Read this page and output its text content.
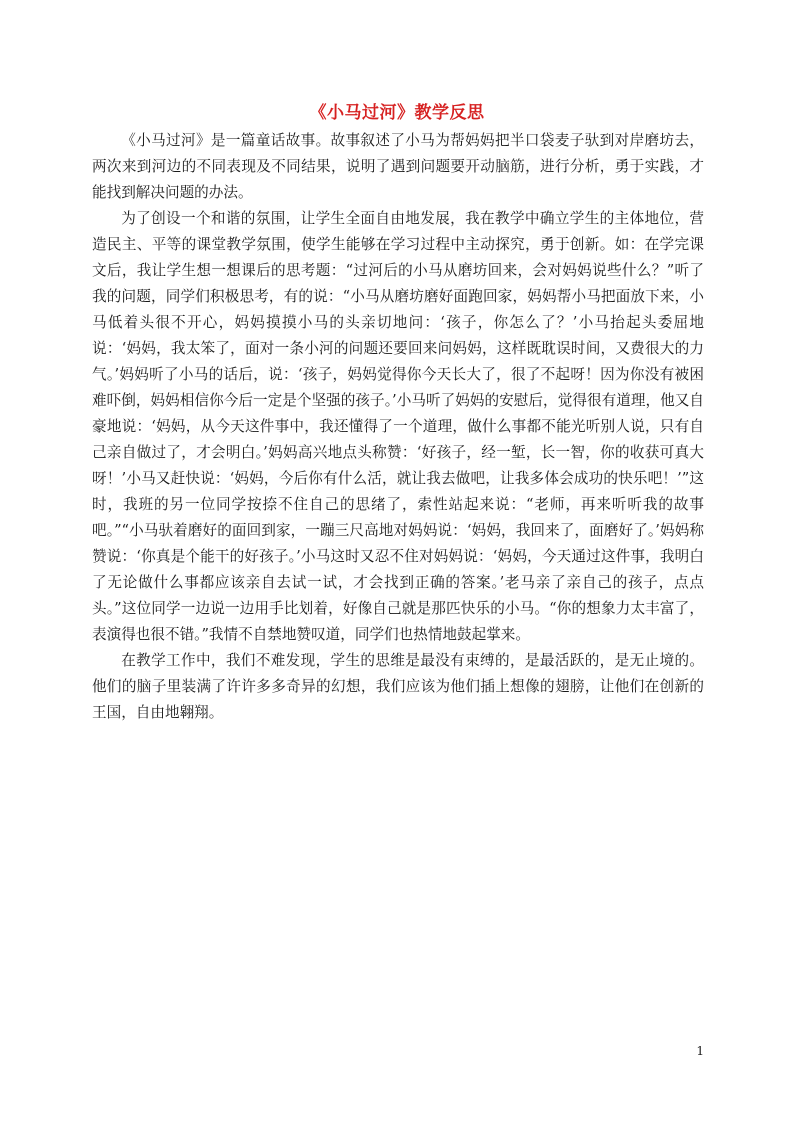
《小马过河》教学反思

《小马过河》是一篇童话故事。故事叙述了小马为帮妈妈把半口袋麦子驮到对岸磨坊去，两次来到河边的不同表现及不同结果，说明了遇到问题要开动脑筋，进行分析，勇于实践，才能找到解决问题的办法。

为了创设一个和谐的氛围，让学生全面自由地发展，我在教学中确立学生的主体地位，营造民主、平等的课堂教学氛围，使学生能够在学习过程中主动探究，勇于创新。如：在学完课文后，我让学生想一想课后的思考题：“过河后的小马从磨坊回来，会对妈妈说些什么？”听了我的问题，同学们积极思考，有的说：“小马从磨坊磨好面跑回家，妈妈帮小马把面放下来，小马低着头很不开心，妈妈摸摸小马的头亲切地问：‘孩子，你怎么了？’小马抬起头委屈地说：‘妈妈，我太笨了，面对一条小河的问题还要回来问妈妈，这样既耽误时间，又费很大的力气。’妈妈听了小马的话后，说：‘孩子，妈妈觉得你今天长大了，很了不起呀！因为你没有被困难吓倒，妈妈相信你今后一定是个坚强的孩子。’小马听了妈妈的安慰后，觉得很有道理，他又自豪地说：‘妈妈，从今天这件事中，我还懂得了一个道理，做什么事都不能光听别人说，只有自己亲自做过了，才会明白。’妈妈高兴地点头称赞：‘好孩子，经一堑，长一智，你的收获可真大呀！’小马又赶快说：‘妈妈，今后你有什么活，就让我去做吧，让我多体会成功的快乐吧！’”这时，我班的另一位同学按捺不住自己的思绪了，索性站起来说：“老师，再来听听我的故事吧。”“小马驮着磨好的面回到家，一蹦三尺高地对妈妈说：‘妈妈，我回来了，面磨好了。’妈妈称赞说：‘你真是个能干的好孩子。’小马这时又忍不住对妈妈说：‘妈妈，今天通过这件事，我明白了无论做什么事都应该亲自去试一试，才会找到正确的答案。’老马亲了亲自己的孩子，点点头。”这位同学一边说一边用手比划着，好像自己就是那匹快乐的小马。“你的想象力太丰富了，表演得也很不错。”我情不自禁地赞叹道，同学们也热情地鼓起掌来。

在教学工作中，我们不难发现，学生的思维是最没有束缚的，是最活跃的，是无止境的。他们的脑子里装满了许许多多奇异的幻想，我们应该为他们插上想像的翅膀，让他们在创新的王国，自由地翱翔。

1
